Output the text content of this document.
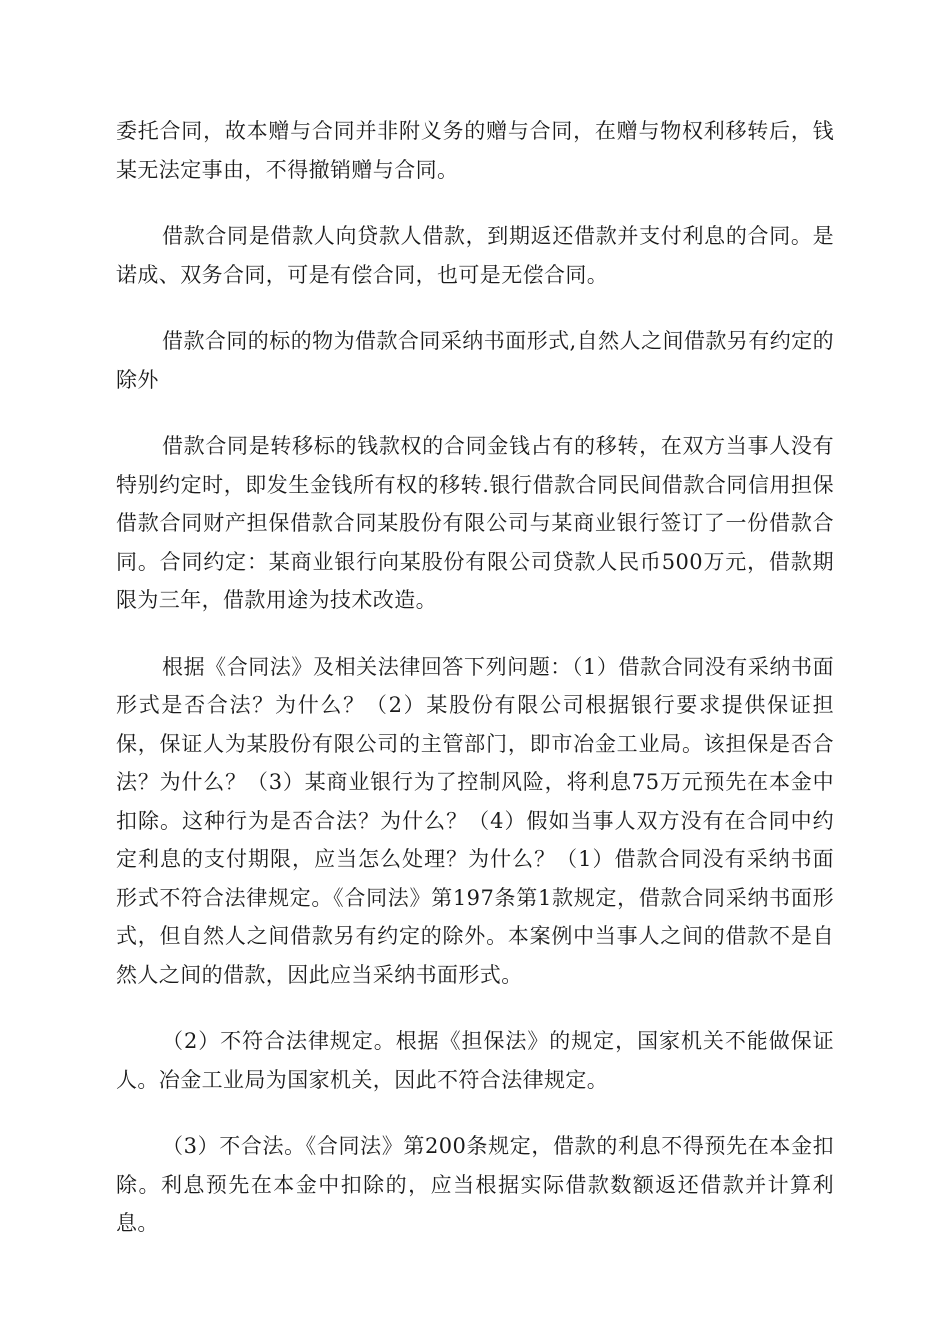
委托合同，故本赠与合同并非附义务的赠与合同，在赠与物权利移转后，钱某无法定事由，不得撤销赠与合同。

借款合同是借款人向贷款人借款，到期返还借款并支付利息的合同。是诺成、双务合同，可是有偿合同，也可是无偿合同。

借款合同的标的物为借款合同采纳书面形式,自然人之间借款另有约定的除外

借款合同是转移标的钱款权的合同金钱占有的移转，在双方当事人没有特别约定时，即发生金钱所有权的移转.银行借款合同民间借款合同信用担保借款合同财产担保借款合同某股份有限公司与某商业银行签订了一份借款合同。合同约定：某商业银行向某股份有限公司贷款人民币500万元，借款期限为三年，借款用途为技术改造。

根据《合同法》及相关法律回答下列问题：（1）借款合同没有采纳书面形式是否合法？为什么？（2）某股份有限公司根据银行要求提供保证担保，保证人为某股份有限公司的主管部门，即市冶金工业局。该担保是否合法？为什么？（3）某商业银行为了控制风险，将利息75万元预先在本金中扣除。这种行为是否合法？为什么？（4）假如当事人双方没有在合同中约定利息的支付期限，应当怎么处理？为什么？（1）借款合同没有采纳书面形式不符合法律规定。《合同法》第197条第1款规定，借款合同采纳书面形式，但自然人之间借款另有约定的除外。本案例中当事人之间的借款不是自然人之间的借款，因此应当采纳书面形式。

（2）不符合法律规定。根据《担保法》的规定，国家机关不能做保证人。冶金工业局为国家机关，因此不符合法律规定。

（3）不合法。《合同法》第200条规定，借款的利息不得预先在本金扣除。利息预先在本金中扣除的，应当根据实际借款数额返还借款并计算利息。
